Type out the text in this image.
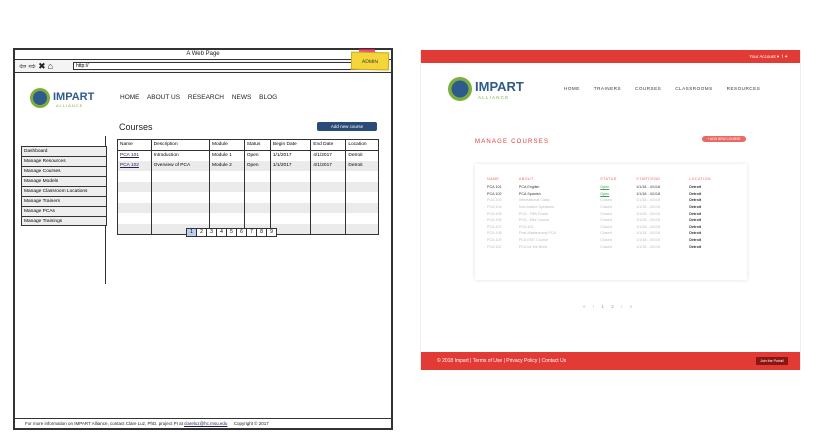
A Web Page
⇦⇨✖⌂	http://
ADMIN
IMPART
ALLIANCE
HOME ABOUT US RESEARCH NEWS BLOG
Courses	Add new course
Dashboard
Manage Resources
Manage Courses
Manage Models
Manage Classroom Locations
Manage Trainers
Manage PCAs
Manage Trainings
Name	Description	Module	Status	Begin Date	End Date	Location
PCA 101	Introduction	Module 1	Open	1/1/2017	4/1/2017	Detroit
PCA 102	Overview of PCA	Module 2	Open	1/1/2017	4/1/2017	Detroit

1	2	3	4	5	6	7	8	9
For more information on IMPART Alliance, contact Clare Luz, PhD, project PI at clareluz@hc.msu.edu Copyright © 2017
Your Account ▾ f ✦
IMPART
ALLIANCE
HOME	TRAINERS	COURSES	CLASSROOMS	RESOURCES
MANAGE COURSES	+ ADD NEW COURSE
NAME	ABOUT	STATUS	START/END	LOCATION
PCA 101	PCA English	Open	1/1/18 - 4/1/18	Detroit
PCA 102	PCA Spanish	Open	1/1/18 - 4/1/18	Detroit
PCA 103	International Class	Closed	1/1/18 - 4/1/18	Detroit
PCA 104	Non-Native Speakers	Closed	1/1/18 - 4/1/18	Detroit
PCA 105	PCA - Fifth Grade	Closed	1/1/18 - 4/1/18	Detroit
PCA 106	PCA - Mini Course	Closed	1/1/18 - 4/1/18	Detroit
PCA 107	PCA 101	Closed	1/1/18 - 4/1/18	Detroit
PCA 108	Post-Mastectomy PCA	Closed	1/1/18 - 4/1/18	Detroit
PCA 109	PCA EMT Course	Closed	1/1/18 - 4/1/18	Detroit
PCA 110	PCA for the Blind	Closed	1/1/18 - 4/1/18	Detroit
« ‹ 1 2 › »
© 2018 Impart | Terms of Use | Privacy Policy | Contact Us	Join the Portal!
